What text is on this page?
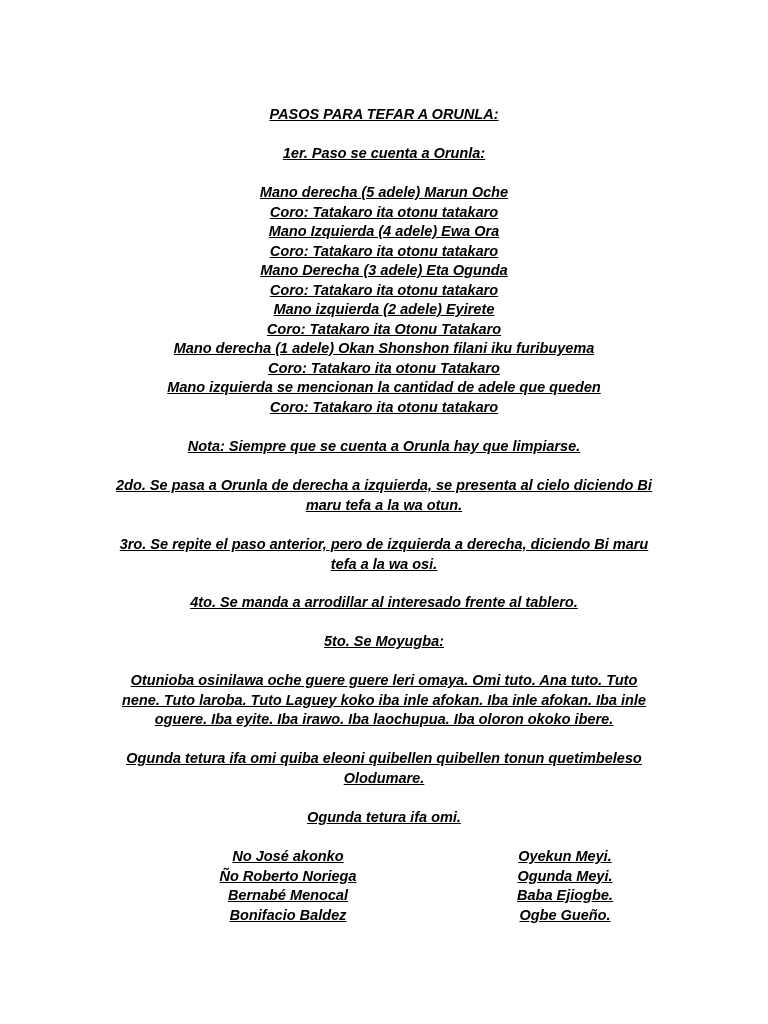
PASOS PARA TEFAR A ORUNLA:
1er. Paso se cuenta a Orunla:
Mano derecha (5 adele) Marun Oche
Coro: Tatakaro ita otonu tatakaro
Mano Izquierda (4 adele) Ewa Ora
Coro: Tatakaro ita otonu tatakaro
Mano Derecha (3 adele) Eta Ogunda
Coro: Tatakaro ita otonu tatakaro
Mano izquierda (2 adele) Eyirete
Coro: Tatakaro ita Otonu Tatakaro
Mano derecha (1 adele) Okan Shonshon filani iku furibuyema
Coro: Tatakaro ita otonu Tatakaro
Mano izquierda se mencionan la cantidad de adele que queden
Coro: Tatakaro ita otonu tatakaro
Nota: Siempre que se cuenta a Orunla hay que limpiarse.
2do. Se pasa a Orunla de derecha a izquierda, se presenta al cielo diciendo Bi
maru tefa a la wa otun.
3ro. Se repite el paso anterior, pero de izquierda a derecha, diciendo Bi maru
tefa a la wa osi.
4to. Se manda a arrodillar al interesado frente al tablero.
5to. Se Moyugba:
Otunioba osinilawa oche guere guere leri omaya. Omi tuto. Ana tuto. Tuto
nene. Tuto laroba. Tuto Laguey koko iba inle afokan. Iba inle afokan. Iba inle
oguere. Iba eyite. Iba irawo. Iba laochupua. Iba oloron okoko ibere.
Ogunda tetura ifa omi quiba eleoni quibellen quibellen tonun quetimbeleso
Olodumare.
Ogunda tetura ifa omi.
No José akonko
Ño Roberto Noriega
Bernabé Menocal
Bonifacio Baldez
Oyekun Meyi.
Ogunda Meyi.
Baba Ejiogbe.
Ogbe Gueño.
